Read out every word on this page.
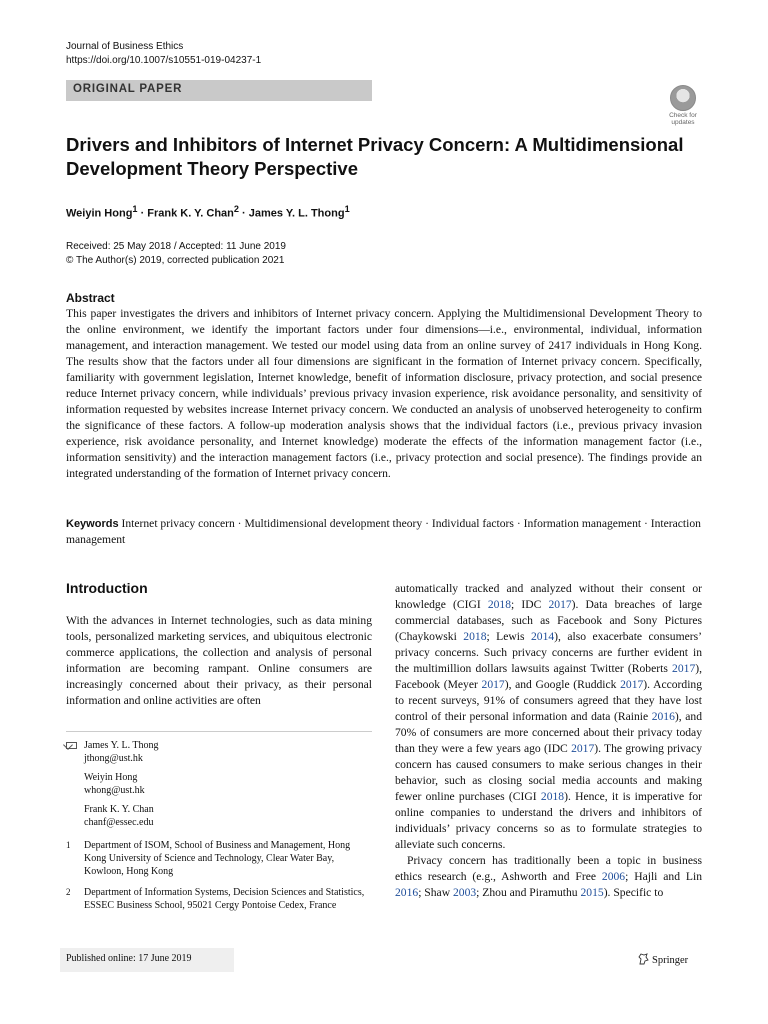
Journal of Business Ethics
https://doi.org/10.1007/s10551-019-04237-1
ORIGINAL PAPER
Check for
updates
Drivers and Inhibitors of Internet Privacy Concern: A Multidimensional Development Theory Perspective
Weiyin Hong$^1$ · Frank K. Y. Chan$^2$ · James Y. L. Thong$^1$
Received: 25 May 2018 / Accepted: 11 June 2019
© The Author(s) 2019, corrected publication 2021
Abstract
This paper investigates the drivers and inhibitors of Internet privacy concern. Applying the Multidimensional Development Theory to the online environment, we identify the important factors under four dimensions—i.e., environmental, individual, information management, and interaction management. We tested our model using data from an online survey of 2417 individuals in Hong Kong. The results show that the factors under all four dimensions are significant in the formation of Internet privacy concern. Specifically, familiarity with government legislation, Internet knowledge, benefit of information disclosure, privacy protection, and social presence reduce Internet privacy concern, while individuals’ previous privacy invasion experience, risk avoidance personality, and sensitivity of information requested by websites increase Internet privacy concern. We conducted an analysis of unobserved heterogeneity to confirm the significance of these factors. A follow-up moderation analysis shows that the individual factors (i.e., previous privacy invasion experience, risk avoidance personality, and Internet knowledge) moderate the effects of the information management factor (i.e., information sensitivity) and the interaction management factors (i.e., privacy protection and social presence). The findings provide an integrated understanding of the formation of Internet privacy concern.
Keywords Internet privacy concern · Multidimensional development theory · Individual factors · Information management · Interaction management
Introduction
With the advances in Internet technologies, such as data mining tools, personalized marketing services, and ubiquitous electronic commerce applications, the collection and analysis of personal information are becoming rampant. Online consumers are increasingly concerned about their privacy, as their personal information and online activities are often

automatically tracked and analyzed without their consent or knowledge (CIGI 2018; IDC 2017). Data breaches of large commercial databases, such as Facebook and Sony Pictures (Chaykowski 2018; Lewis 2014), also exacerbate consumers’ privacy concerns. Such privacy concerns are further evident in the multimillion dollars lawsuits against Twitter (Roberts 2017), Facebook (Meyer 2017), and Google (Ruddick 2017). According to recent surveys, 91% of consumers agreed that they have lost control of their personal information and data (Rainie 2016), and 70% of consumers are more concerned about their privacy today than they were a few years ago (IDC 2017). The growing privacy concern has caused consumers to make serious changes in their behavior, such as closing social media accounts and making fewer online purchases (CIGI 2018). Hence, it is imperative for online companies to understand the drivers and inhibitors of individuals’ privacy concerns so as to formulate strategies to alleviate such concerns.

Privacy concern has traditionally been a topic in business ethics research (e.g., Ashworth and Free 2006; Hajli and Lin 2016; Shaw 2003; Zhou and Piramuthu 2015). Specific to

James Y. L. Thong
jthong@ust.hk
Weiyin Hong
whong@ust.hk
Frank K. Y. Chan
chanf@essec.edu
1 Department of ISOM, School of Business and Management, Hong Kong University of Science and Technology, Clear Water Bay, Kowloon, Hong Kong
2 Department of Information Systems, Decision Sciences and Statistics, ESSEC Business School, 95021 Cergy Pontoise Cedex, France
Published online: 17 June 2019	Springer
